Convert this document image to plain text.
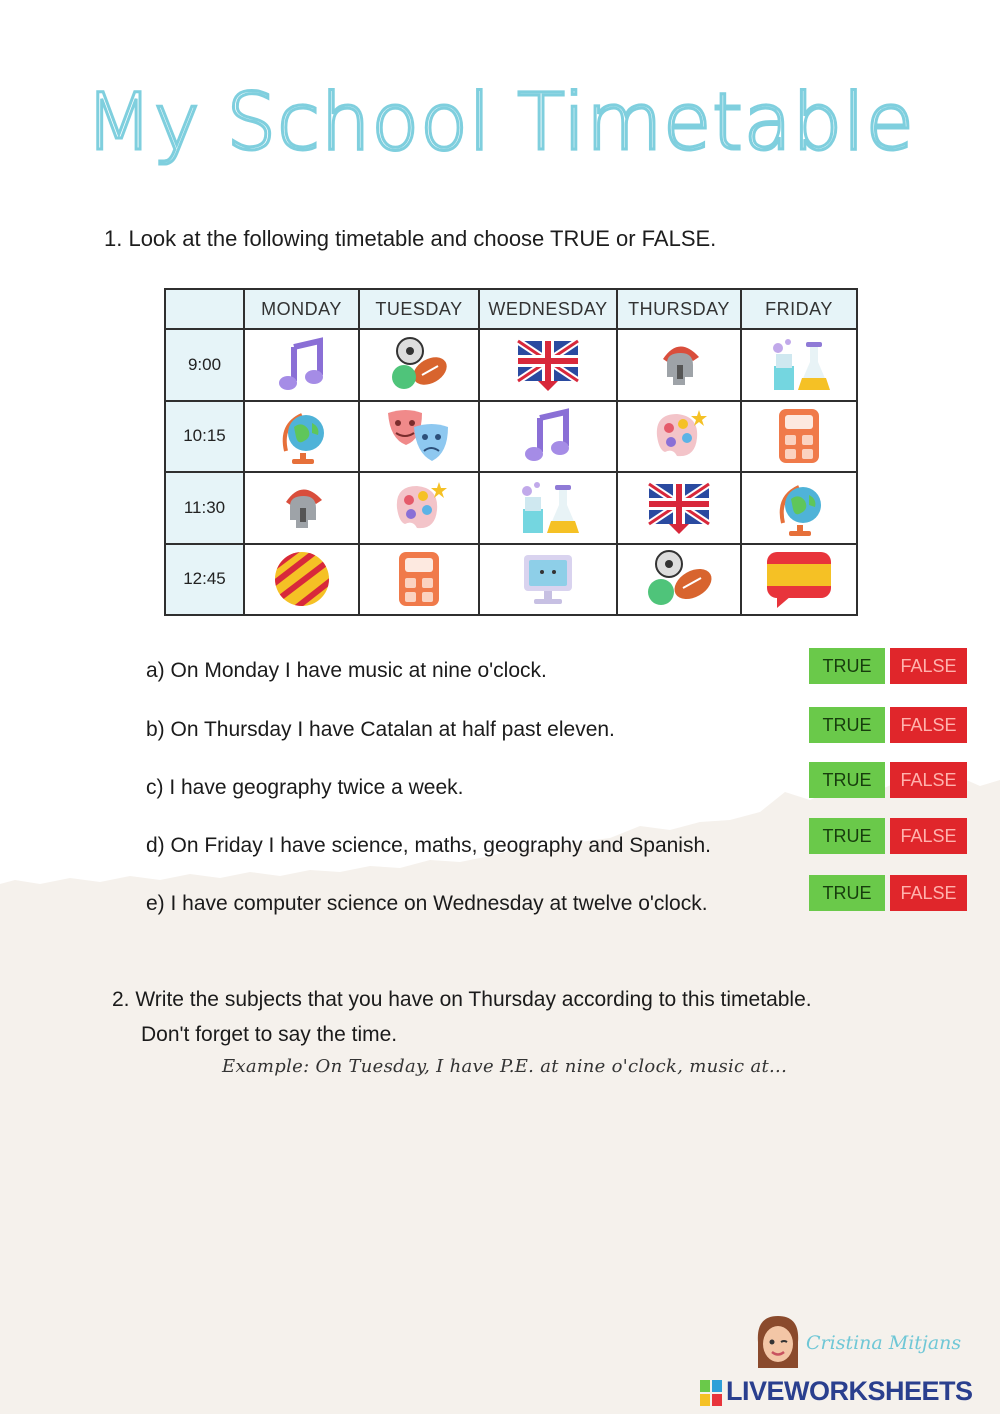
My School Timetable
1. Look at the following timetable and choose TRUE or FALSE.
	MONDAY	TUESDAY	WEDNESDAY	THURSDAY	FRIDAY
9:00	

10:15	

11:30	

12:45	

a) On Monday I have music at nine o'clock.	TRUE	FALSE
b) On Thursday I have Catalan at half past eleven.	TRUE	FALSE
c) I have geography twice a week.	TRUE	FALSE
d) On Friday I have science, maths, geography and Spanish.	TRUE	FALSE
e) I have computer science on Wednesday at twelve o'clock.	TRUE	FALSE
2. Write the subjects that you have on Thursday according to this timetable.
Don't forget to say the time.
Example: On Tuesday, I have P.E. at nine o'clock, music at...
Cristina Mitjans
LIVEWORKSHEETS
